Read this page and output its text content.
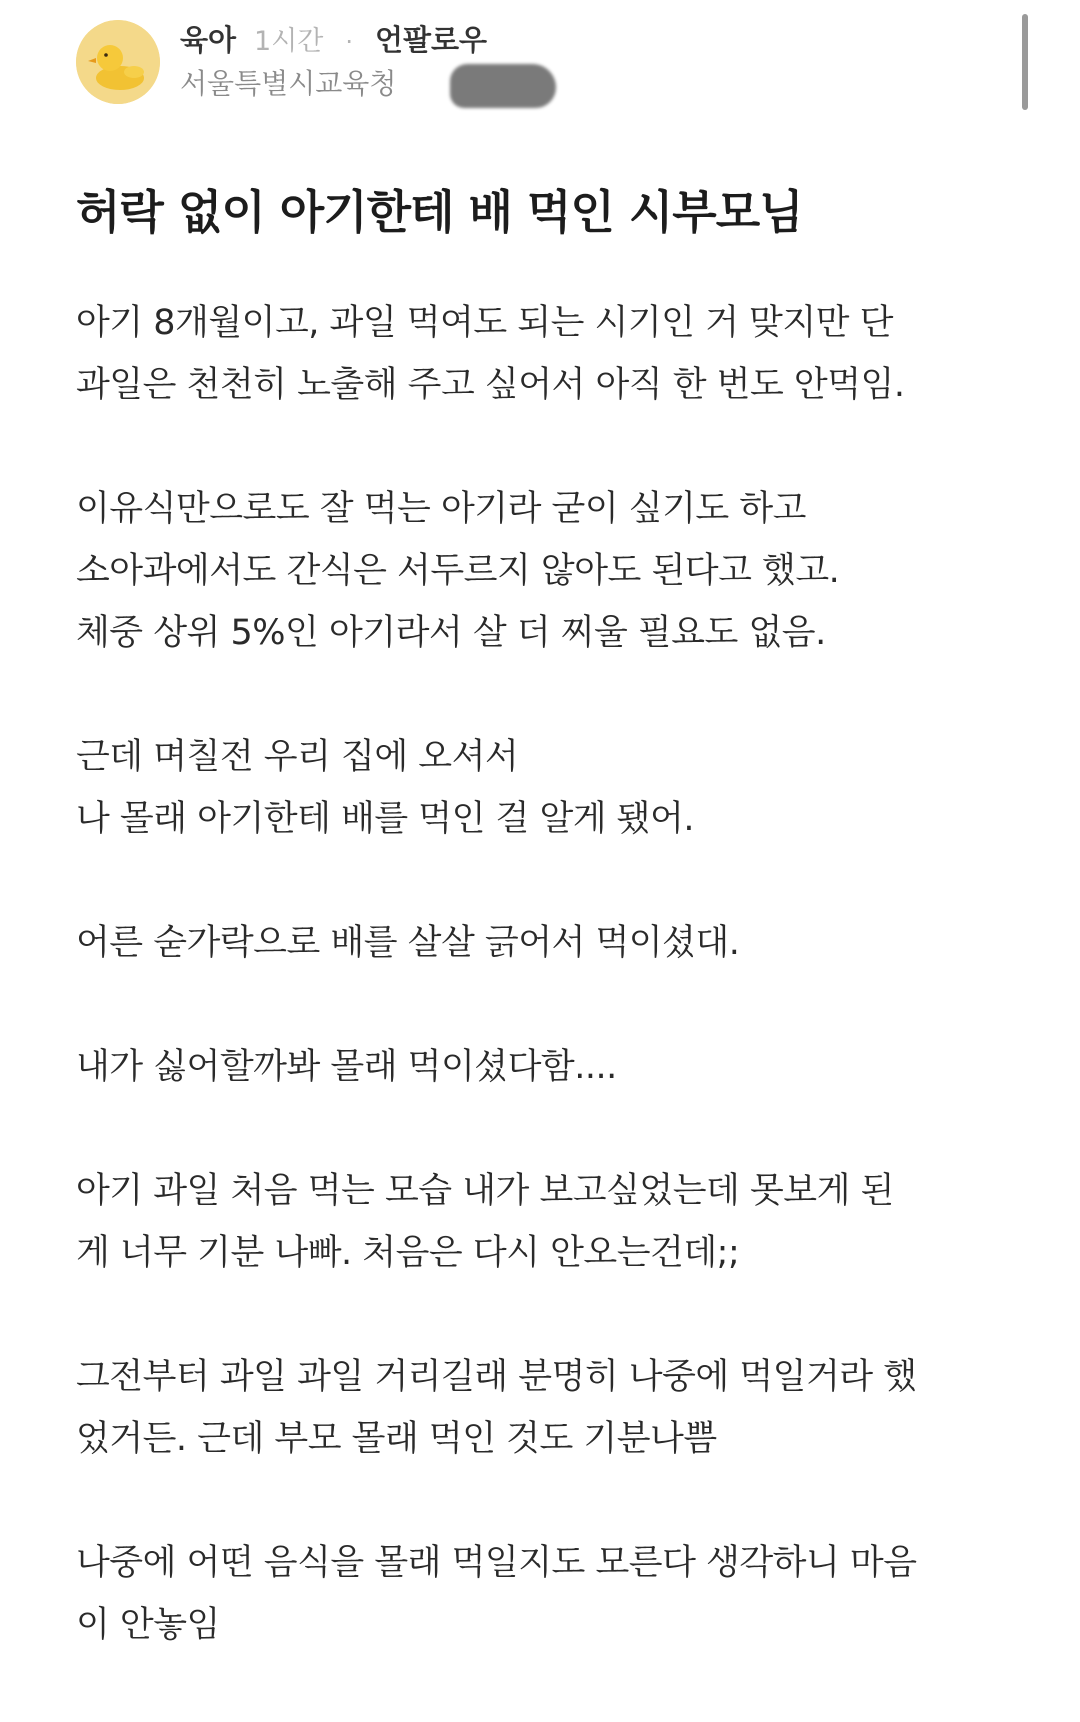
육아 1시간 · 언팔로우
서울특별시교육청
허락 없이 아기한테 배 먹인 시부모님

아기 8개월이고, 과일 먹여도 되는 시기인 거 맞지만 단
과일은 천천히 노출해 주고 싶어서 아직 한 번도 안먹임.

이유식만으로도 잘 먹는 아기라 굳이 싶기도 하고
소아과에서도 간식은 서두르지 않아도 된다고 했고.
체중 상위 5%인 아기라서 살 더 찌울 필요도 없음.

근데 며칠전 우리 집에 오셔서
나 몰래 아기한테 배를 먹인 걸 알게 됐어.

어른 숟가락으로 배를 살살 긁어서 먹이셨대.

내가 싫어할까봐 몰래 먹이셨다함....

아기 과일 처음 먹는 모습 내가 보고싶었는데 못보게 된
게 너무 기분 나빠. 처음은 다시 안오는건데;;

그전부터 과일 과일 거리길래 분명히 나중에 먹일거라 했
었거든. 근데 부모 몰래 먹인 것도 기분나쁨

나중에 어떤 음식을 몰래 먹일지도 모른다 생각하니 마음
이 안놓임
